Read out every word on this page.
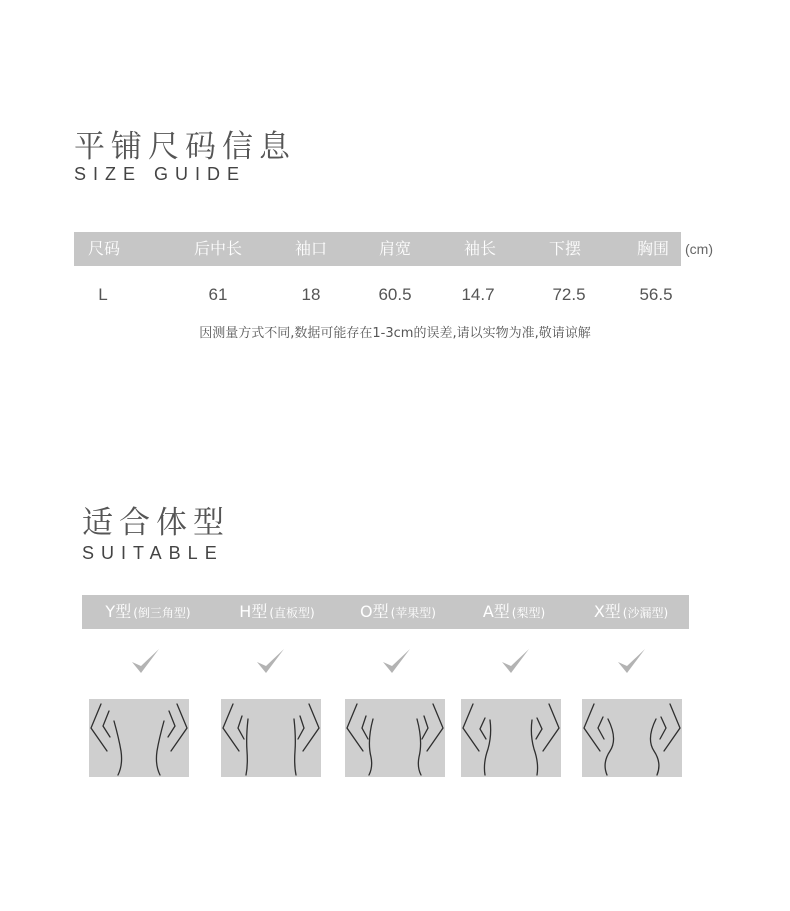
平铺尺码信息
SIZE GUIDE
尺码	后中长	袖口	肩宽	袖长	下摆	胸围 (cm)
L	61	18	60.5	14.7	72.5	56.5
因测量方式不同,数据可能存在1-3cm的误差,请以实物为准,敬请谅解
适合体型
SUITABLE
Y型 (倒三角型)	H型 (直板型)	O型 (苹果型)	A型 (梨型)	X型 (沙漏型)
